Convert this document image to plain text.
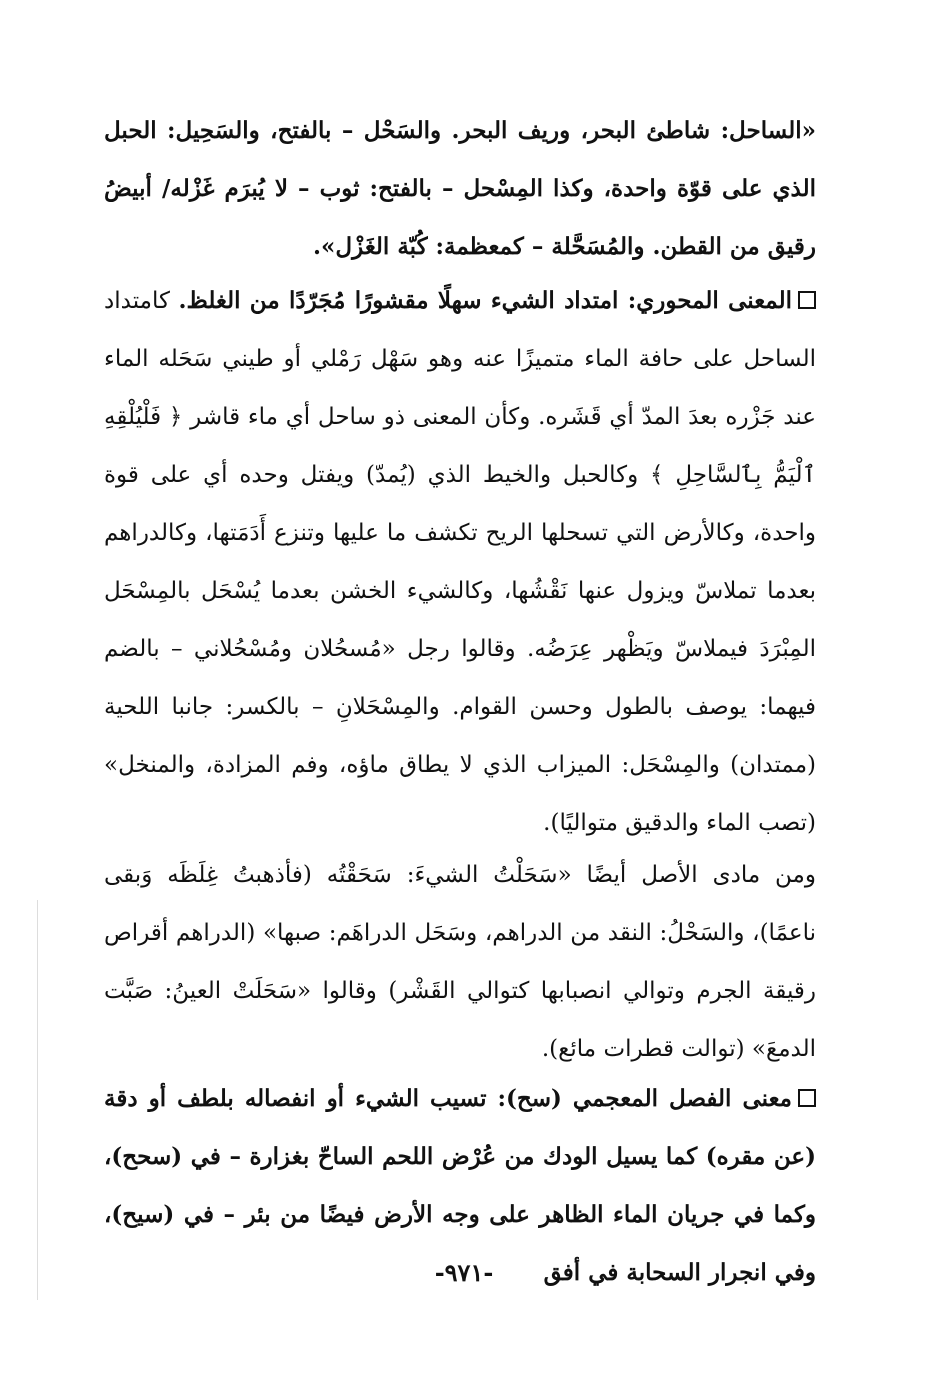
«الساحل: شاطئ البحر، وريف البحر. والسَحْل – بالفتح، والسَحِيل: الحبل الذي على قوّة واحدة، وكذا المِسْحل – بالفتح: ثوب – لا يُبرَم غَزْله/ أبيضُ رقيق من القطن. والمُسَحَّلة – كمعظمة: كُبّة الغَزْل».

المعنى المحوري: امتداد الشيء سهلًا مقشورًا مُجَرّدًا من الغلظ. كامتداد الساحل على حافة الماء متميزًا عنه وهو سَهْل رَمْلي أو طيني سَحَله الماء عند جَزْره بعدَ المدّ أي قَشَره. وكأن المعنى ذو ساحل أي ماء قاشر ﴿ فَلْيُلْقِهِ ٱلْيَمُّ بِٱلسَّاحِلِ ﴾ وكالحبل والخيط الذي (يُمدّ) ويفتل وحده أي على قوة واحدة، وكالأرض التي تسحلها الريح تكشف ما عليها وتنزع أَدَمَتها، وكالدراهم بعدما تملاسّ ويزول عنها نَقْشُها، وكالشيء الخشن بعدما يُسْحَل بالمِسْحَل المِبْرَدَ فيملاسّ ويَظْهر عِرَضُه. وقالوا رجل «مُسحُلان ومُسْحُلاني – بالضم فيهما: يوصف بالطول وحسن القوام. والمِسْحَلانِ – بالكسر: جانبا اللحية (ممتدان) والمِسْحَل: الميزاب الذي لا يطاق ماؤه، وفم المزادة، والمنخل» (تصب الماء والدقيق متواليًا).

ومن مادى الأصل أيضًا «سَحَلْتُ الشيءَ: سَحَقْتُه (فأذهبتُ غِلَظَه وَبقى ناعمًا)، والسَحْلُ: النقد من الدراهم، وسَحَل الدراهَم: صبها» (الدراهم أقراص رقيقة الجرم وتوالي انصبابها كتوالي القَشْر) وقالوا «سَحَلَتْ العينُ: صَبَّت الدمعَ» (توالت قطرات مائع).

معنى الفصل المعجمي (سح): تسيب الشيء أو انفصاله بلطف أو دقة (عن مقره) كما يسيل الودك من عُرْض اللحم الساحّ بغزارة – في (سحح)، وكما في جريان الماء الظاهر على وجه الأرض فيضًا من بئر – في (سيح)، وفي انجرار السحابة في أفق

-٩٧١-
